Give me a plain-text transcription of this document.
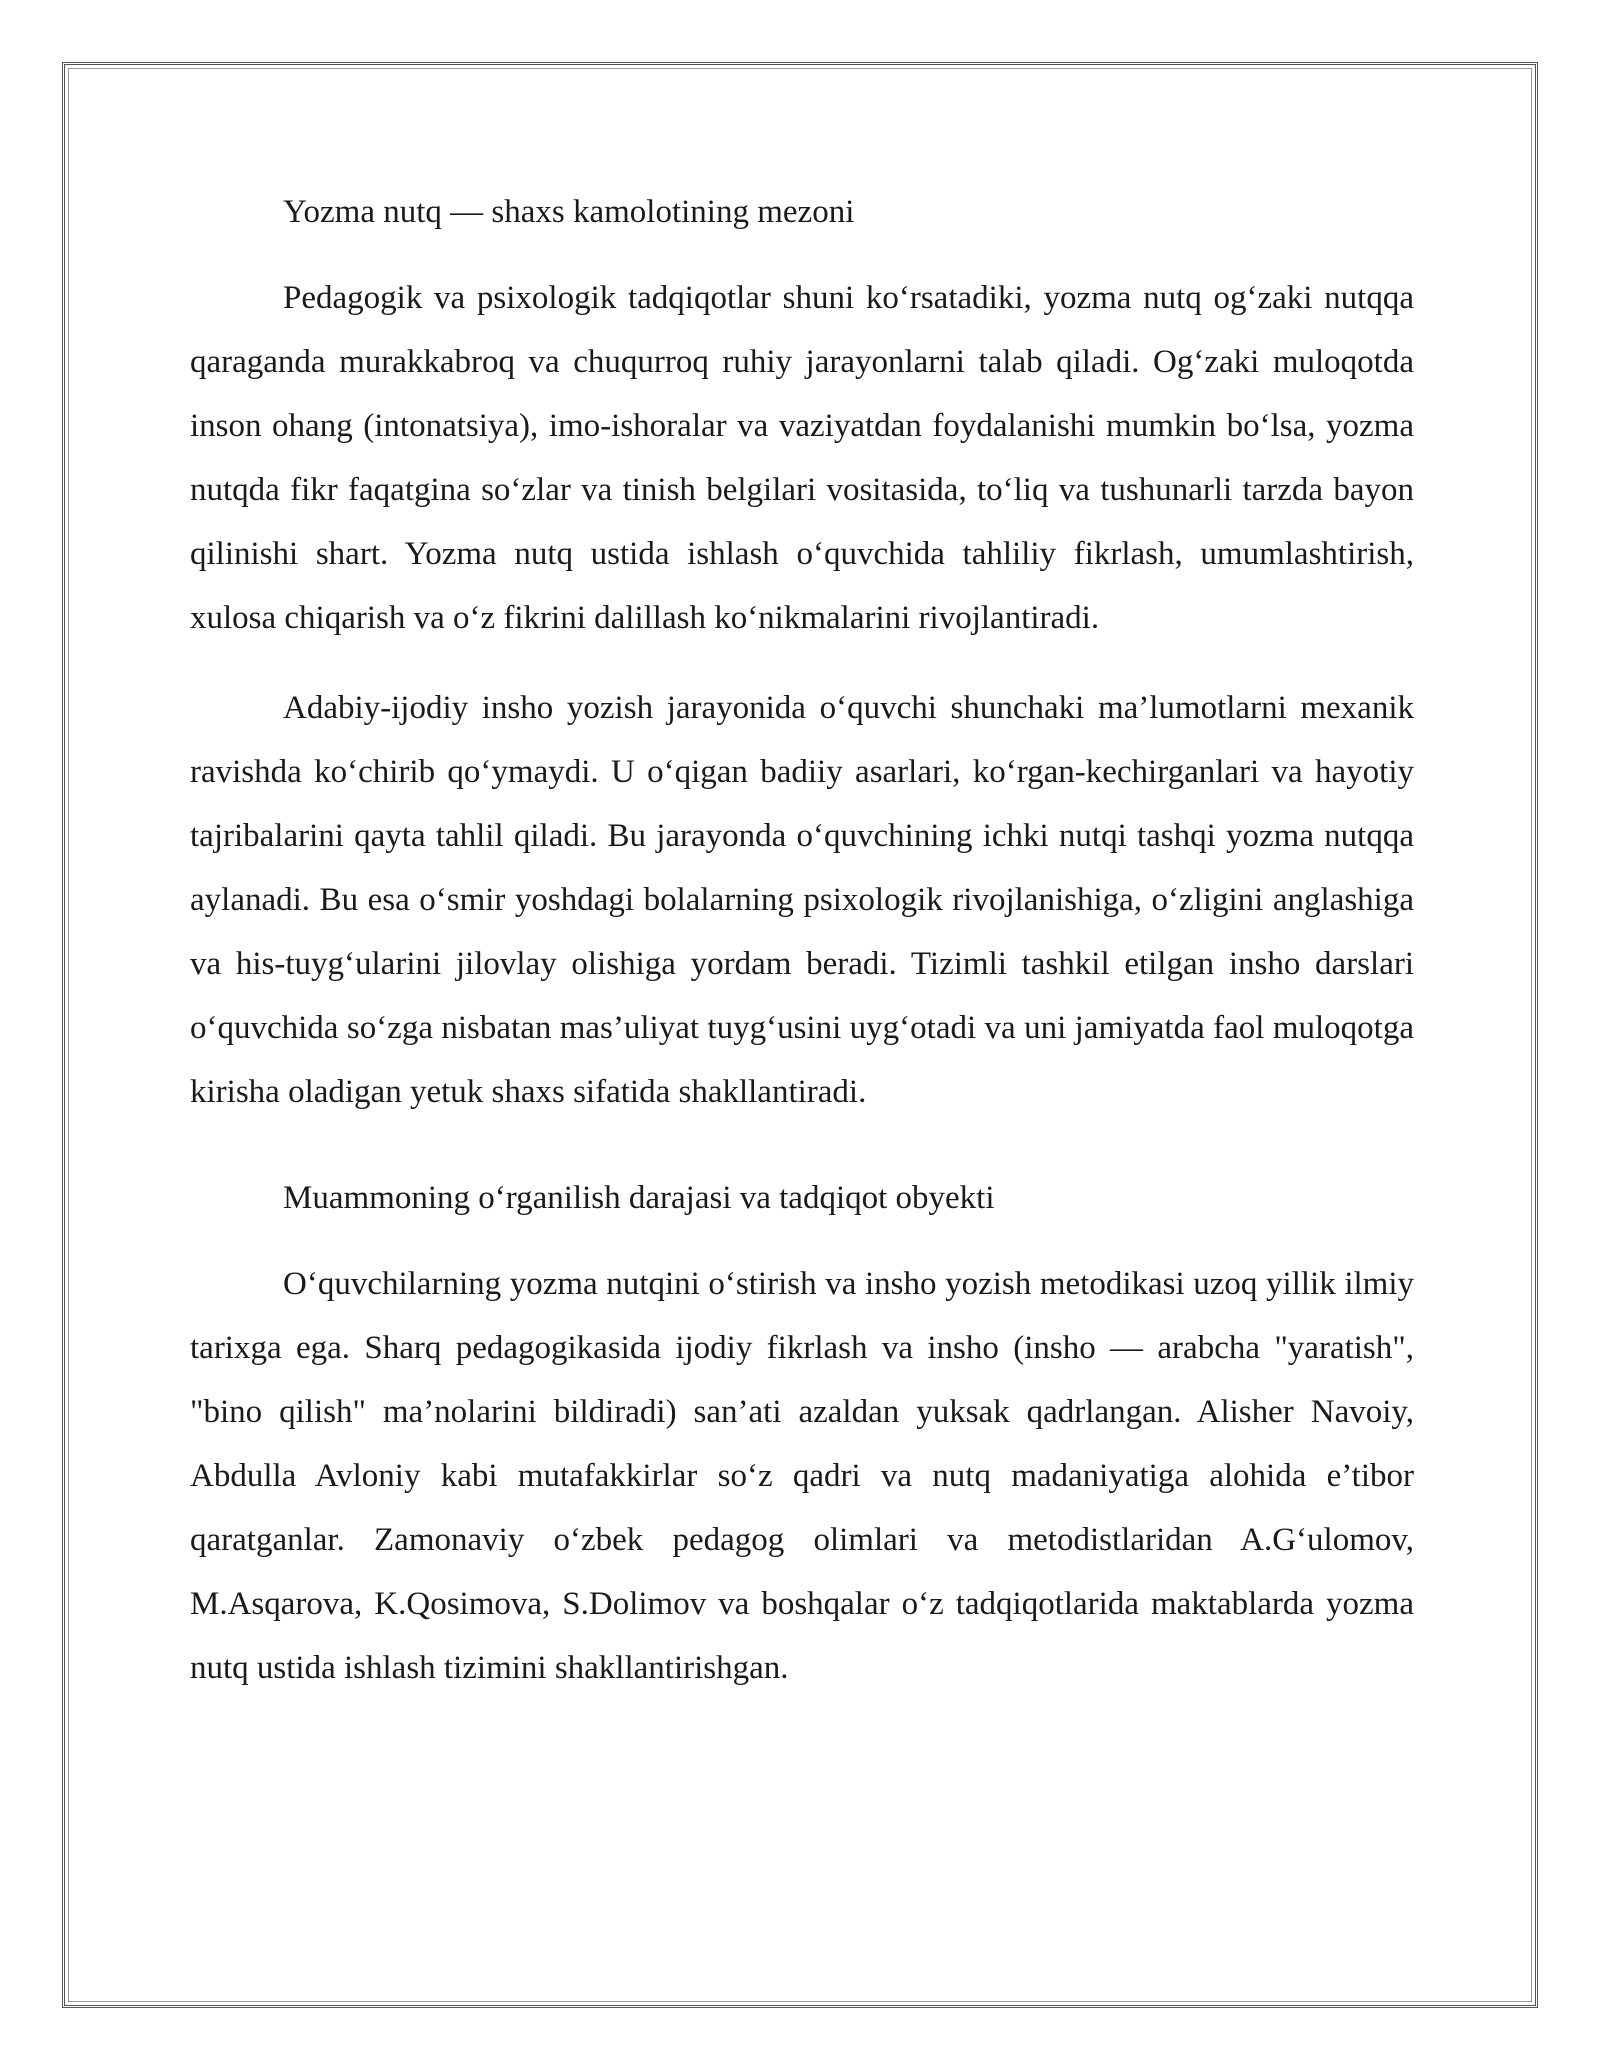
Yozma nutq — shaxs kamolotining mezoni

Pedagogik va psixologik tadqiqotlar shuni ko‘rsatadiki, yozma nutq og‘zaki nutqqa qaraganda murakkabroq va chuqurroq ruhiy jarayonlarni talab qiladi. Og‘zaki muloqotda inson ohang (intonatsiya), imo-ishoralar va vaziyatdan foydalanishi mumkin bo‘lsa, yozma nutqda fikr faqatgina so‘zlar va tinish belgilari vositasida, to‘liq va tushunarli tarzda bayon qilinishi shart. Yozma nutq ustida ishlash o‘quvchida tahliliy fikrlash, umumlashtirish, xulosa chiqarish va o‘z fikrini dalillash ko‘nikmalarini rivojlantiradi.

Adabiy-ijodiy insho yozish jarayonida o‘quvchi shunchaki ma’lumotlarni mexanik ravishda ko‘chirib qo‘ymaydi. U o‘qigan badiiy asarlari, ko‘rgan-kechirganlari va hayotiy tajribalarini qayta tahlil qiladi. Bu jarayonda o‘quvchining ichki nutqi tashqi yozma nutqqa aylanadi. Bu esa o‘smir yoshdagi bolalarning psixologik rivojlanishiga, o‘zligini anglashiga va his-tuyg‘ularini jilovlay olishiga yordam beradi. Tizimli tashkil etilgan insho darslari o‘quvchida so‘zga nisbatan mas’uliyat tuyg‘usini uyg‘otadi va uni jamiyatda faol muloqotga kirisha oladigan yetuk shaxs sifatida shakllantiradi.

Muammoning o‘rganilish darajasi va tadqiqot obyekti

O‘quvchilarning yozma nutqini o‘stirish va insho yozish metodikasi uzoq yillik ilmiy tarixga ega. Sharq pedagogikasida ijodiy fikrlash va insho (insho — arabcha "yaratish", "bino qilish" ma’nolarini bildiradi) san’ati azaldan yuksak qadrlangan. Alisher Navoiy, Abdulla Avloniy kabi mutafakkirlar so‘z qadri va nutq madaniyatiga alohida e’tibor qaratganlar. Zamonaviy o‘zbek pedagog olimlari va metodistlaridan A.G‘ulomov, M.Asqarova, K.Qosimova, S.Dolimov va boshqalar o‘z tadqiqotlarida maktablarda yozma nutq ustida ishlash tizimini shakllantirishgan.
